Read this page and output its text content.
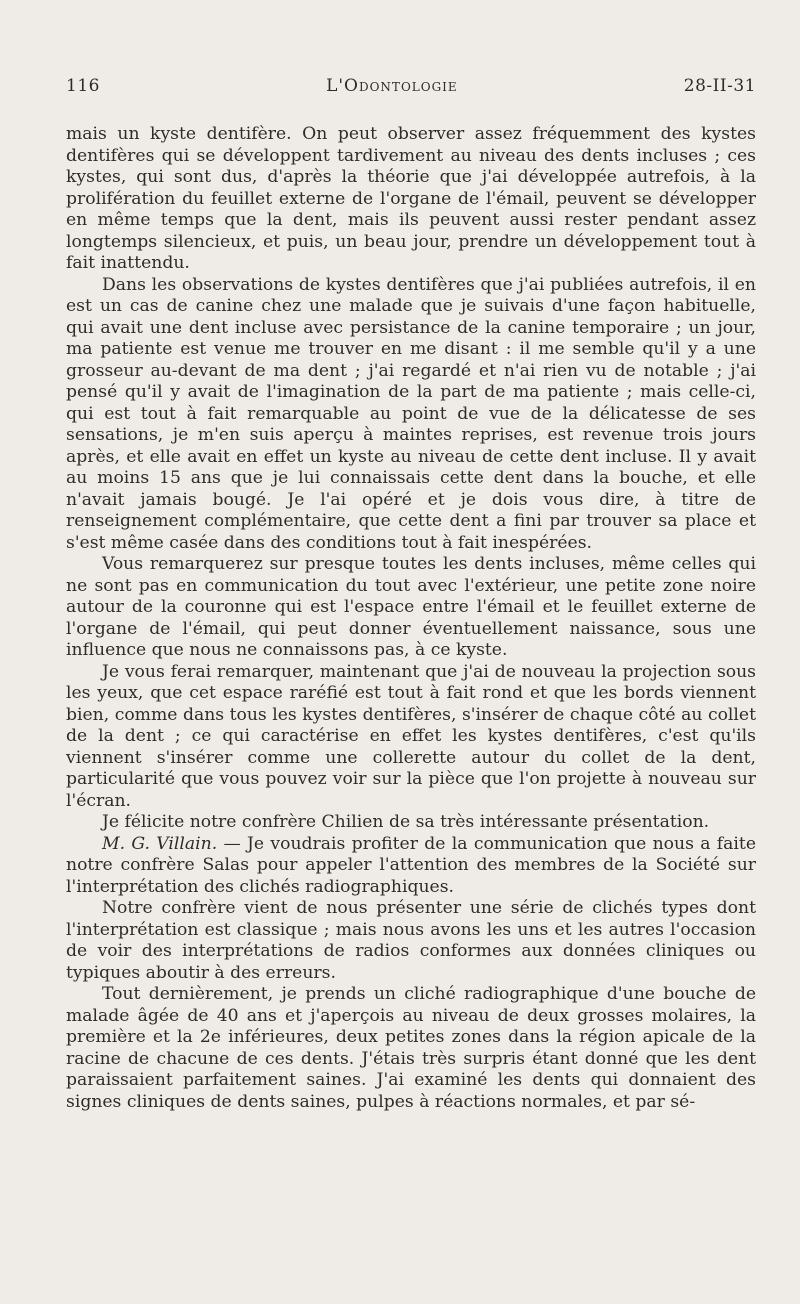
116	L'Odontologie	28-II-31

mais un kyste dentifère. On peut observer assez fréquemment des kystes dentifères qui se développent tardivement au niveau des dents incluses ; ces kystes, qui sont dus, d'après la théorie que j'ai développée autrefois, à la prolifération du feuillet externe de l'organe de l'émail, peuvent se développer en même temps que la dent, mais ils peuvent aussi rester pendant assez longtemps silencieux, et puis, un beau jour, prendre un développement tout à fait inattendu.

Dans les observations de kystes dentifères que j'ai publiées autrefois, il en est un cas de canine chez une malade que je suivais d'une façon habituelle, qui avait une dent incluse avec persistance de la canine temporaire ; un jour, ma patiente est venue me trouver en me disant : il me semble qu'il y a une grosseur au-devant de ma dent ; j'ai regardé et n'ai rien vu de notable ; j'ai pensé qu'il y avait de l'imagination de la part de ma patiente ; mais celle-ci, qui est tout à fait remarquable au point de vue de la délicatesse de ses sensations, je m'en suis aperçu à maintes reprises, est revenue trois jours après, et elle avait en effet un kyste au niveau de cette dent incluse. Il y avait au moins 15 ans que je lui connaissais cette dent dans la bouche, et elle n'avait jamais bougé. Je l'ai opéré et je dois vous dire, à titre de renseignement complémentaire, que cette dent a fini par trouver sa place et s'est même casée dans des conditions tout à fait inespérées.

Vous remarquerez sur presque toutes les dents incluses, même celles qui ne sont pas en communication du tout avec l'extérieur, une petite zone noire autour de la couronne qui est l'espace entre l'émail et le feuillet externe de l'organe de l'émail, qui peut donner éventuellement naissance, sous une influence que nous ne connaissons pas, à ce kyste.

Je vous ferai remarquer, maintenant que j'ai de nouveau la projection sous les yeux, que cet espace raréfié est tout à fait rond et que les bords viennent bien, comme dans tous les kystes dentifères, s'insérer de chaque côté au collet de la dent ; ce qui caractérise en effet les kystes dentifères, c'est qu'ils viennent s'insérer comme une collerette autour du collet de la dent, particularité que vous pouvez voir sur la pièce que l'on projette à nouveau sur l'écran.

Je félicite notre confrère Chilien de sa très intéressante présentation.

M. G. Villain. — Je voudrais profiter de la communication que nous a faite notre confrère Salas pour appeler l'attention des membres de la Société sur l'interprétation des clichés radiographiques.

Notre confrère vient de nous présenter une série de clichés types dont l'interprétation est classique ; mais nous avons les uns et les autres l'occasion de voir des interprétations de radios conformes aux données cliniques ou typiques aboutir à des erreurs.

Tout dernièrement, je prends un cliché radiographique d'une bouche de malade âgée de 40 ans et j'aperçois au niveau de deux grosses molaires, la première et la 2e inférieures, deux petites zones dans la région apicale de la racine de chacune de ces dents. J'étais très surpris étant donné que les dent paraissaient parfaitement saines. J'ai examiné les dents qui donnaient des signes cliniques de dents saines, pulpes à réactions normales, et par sé-
